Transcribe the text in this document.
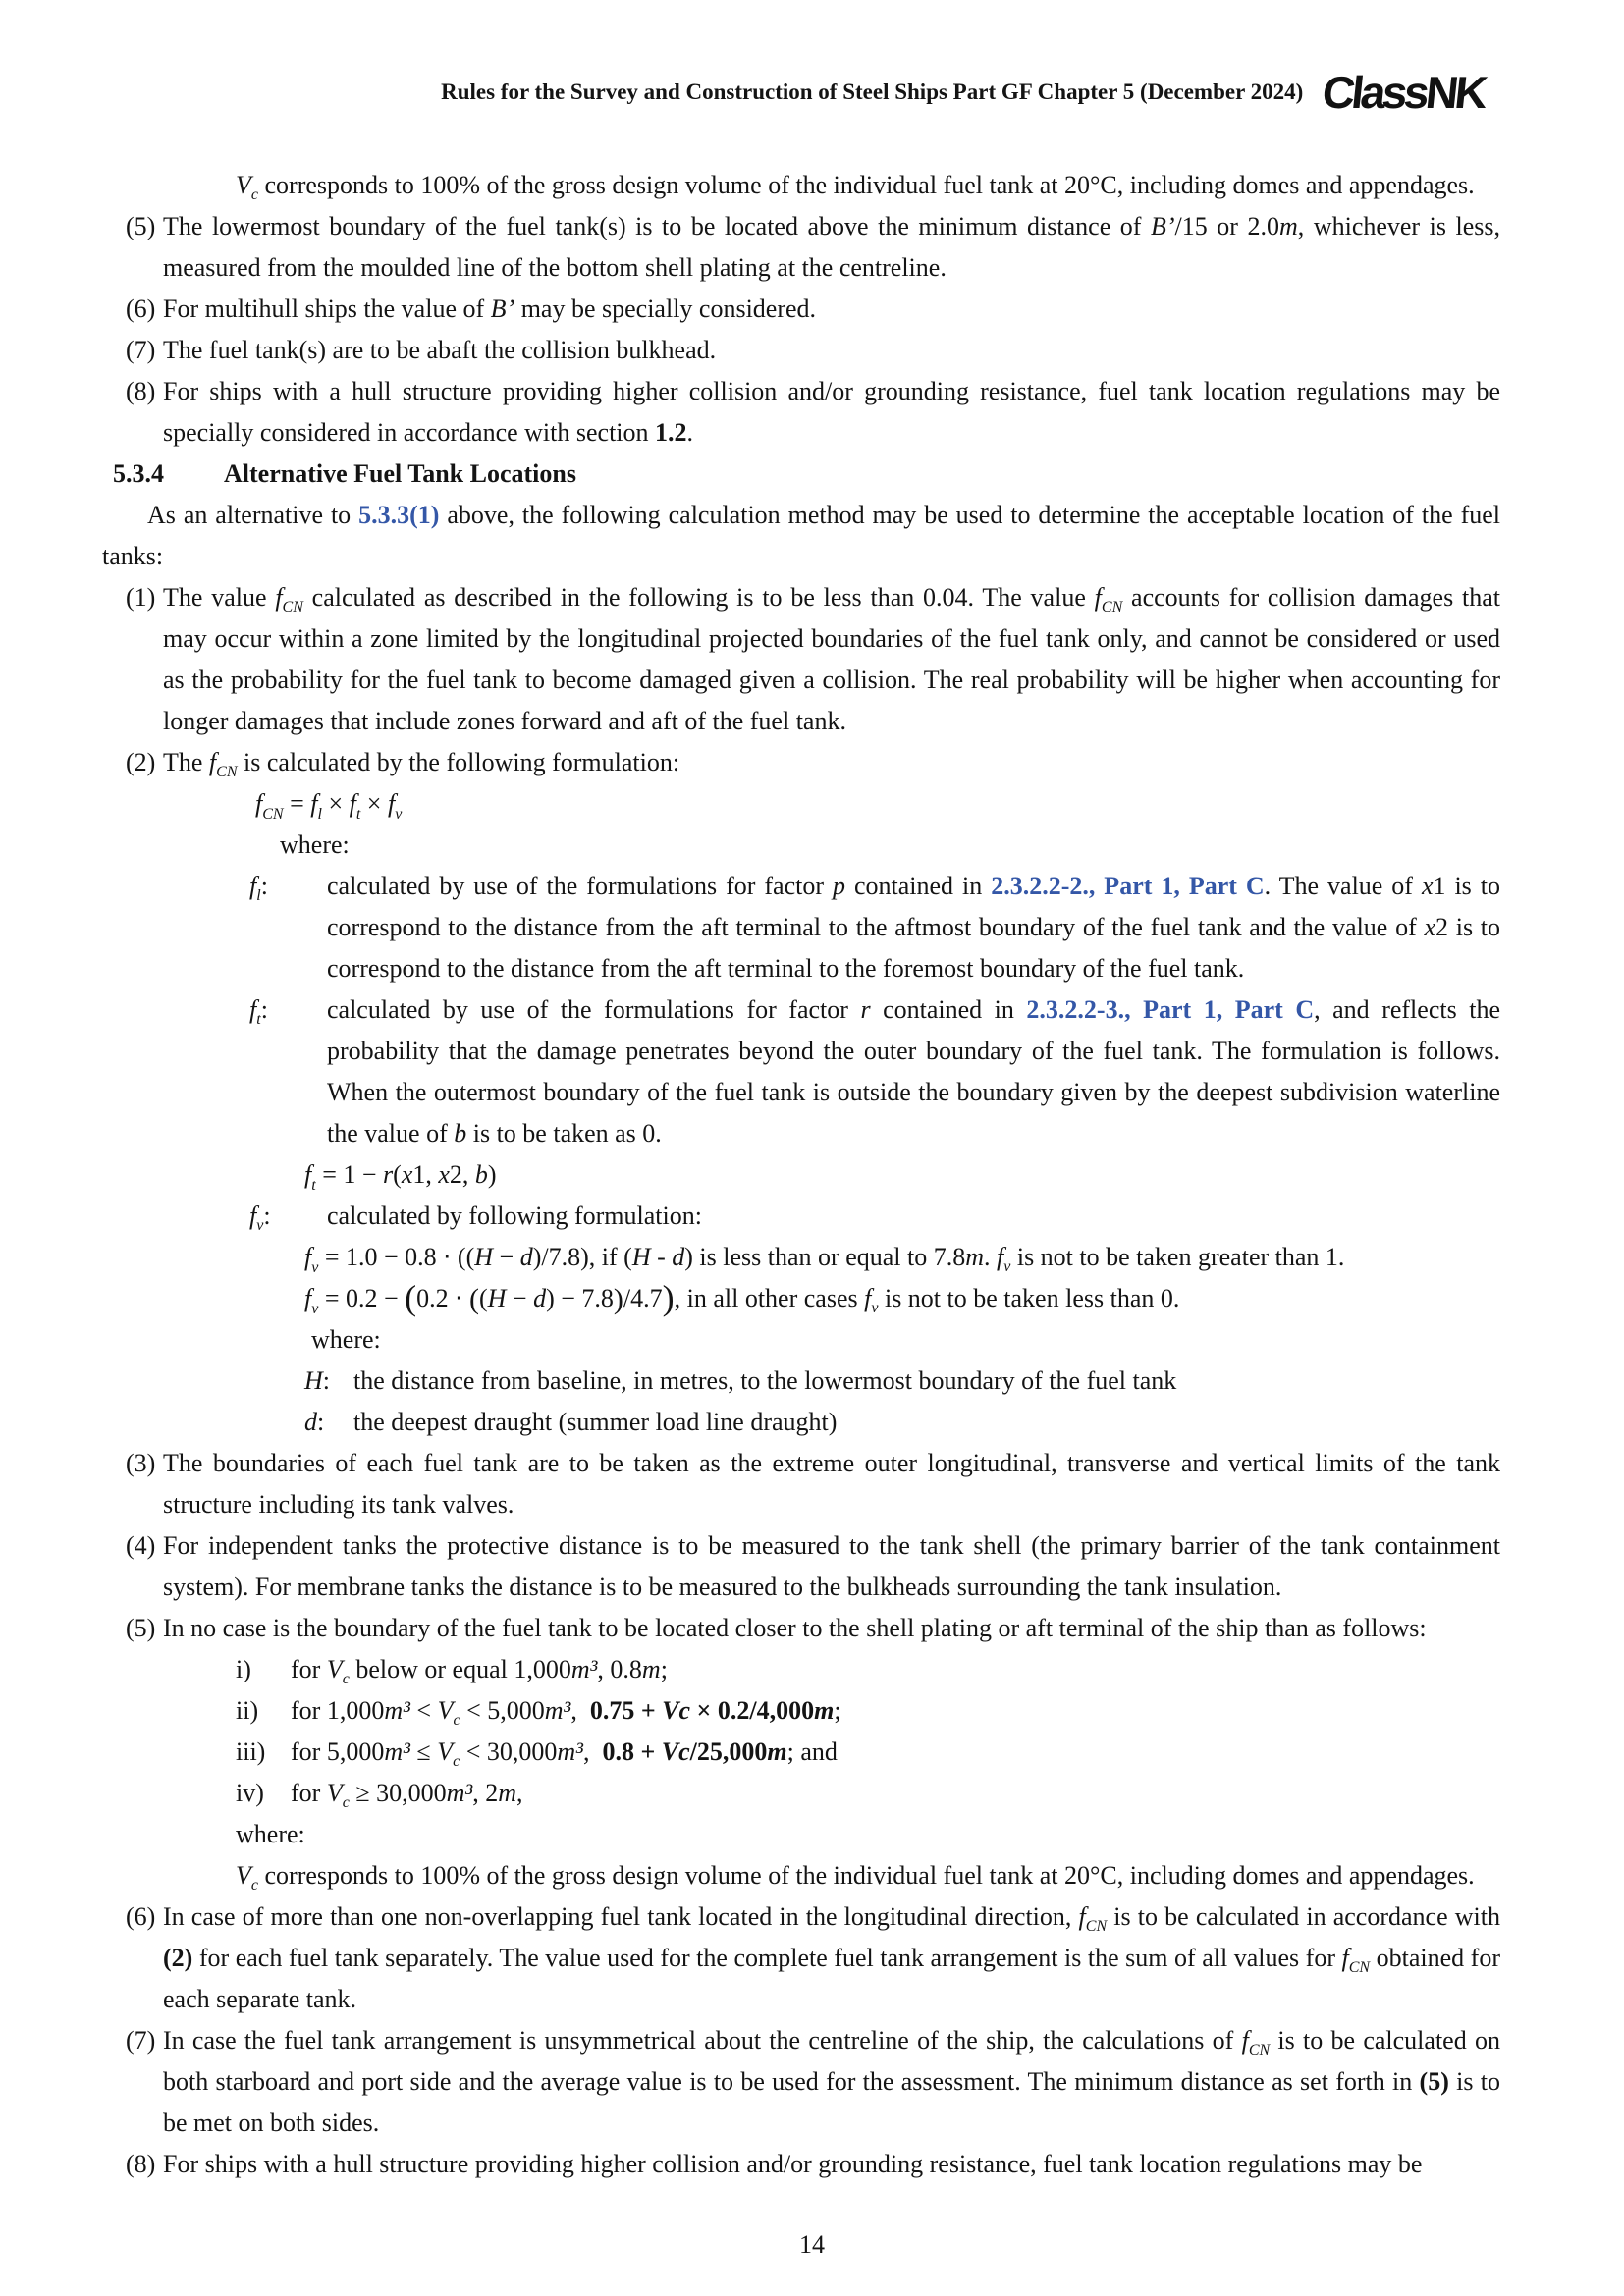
Rules for the Survey and Construction of Steel Ships Part GF Chapter 5 (December 2024) ClassNK
$V_c$ corresponds to 100% of the gross design volume of the individual fuel tank at 20°C, including domes and appendages.
(5) The lowermost boundary of the fuel tank(s) is to be located above the minimum distance of B’/15 or 2.0m, whichever is less, measured from the moulded line of the bottom shell plating at the centreline.
(6) For multihull ships the value of B’ may be specially considered.
(7) The fuel tank(s) are to be abaft the collision bulkhead.
(8) For ships with a hull structure providing higher collision and/or grounding resistance, fuel tank location regulations may be specially considered in accordance with section 1.2.
5.3.4 Alternative Fuel Tank Locations
As an alternative to 5.3.3(1) above, the following calculation method may be used to determine the acceptable location of the fuel tanks:
(1) The value $f_{CN}$ calculated as described in the following is to be less than 0.04. The value $f_{CN}$ accounts for collision damages that may occur within a zone limited by the longitudinal projected boundaries of the fuel tank only, and cannot be considered or used as the probability for the fuel tank to become damaged given a collision. The real probability will be higher when accounting for longer damages that include zones forward and aft of the fuel tank.
(2) The $f_{CN}$ is calculated by the following formulation:
$f_{CN} = f_l \times f_t \times f_v$
where:
$f_l$: calculated by use of the formulations for factor p contained in 2.3.2.2-2., Part 1, Part C. The value of x1 is to correspond to the distance from the aft terminal to the aftmost boundary of the fuel tank and the value of x2 is to correspond to the distance from the aft terminal to the foremost boundary of the fuel tank.
$f_t$: calculated by use of the formulations for factor r contained in 2.3.2.2-3., Part 1, Part C, and reflects the probability that the damage penetrates beyond the outer boundary of the fuel tank. The formulation is follows. When the outermost boundary of the fuel tank is outside the boundary given by the deepest subdivision waterline the value of b is to be taken as 0.
$f_t = 1 - r(x1$, x2, b)
$f_v$: calculated by following formulation:
$f_v = 1.0 - 0.8 \cdot ((H - d)/7.8)$, if (H - d) is less than or equal to 7.8m. $f_v$ is not to be taken greater than 1.
$f_v = 0.2 - (0.2 \cdot ((H - d) - 7.8)/4.7)$, in all other cases $f_v$ is not to be taken less than 0.
where:
H: the distance from baseline, in metres, to the lowermost boundary of the fuel tank
d: the deepest draught (summer load line draught)
(3) The boundaries of each fuel tank are to be taken as the extreme outer longitudinal, transverse and vertical limits of the tank structure including its tank valves.
(4) For independent tanks the protective distance is to be measured to the tank shell (the primary barrier of the tank containment system). For membrane tanks the distance is to be measured to the bulkheads surrounding the tank insulation.
(5) In no case is the boundary of the fuel tank to be located closer to the shell plating or aft terminal of the ship than as follows:
i) for $V_c$ below or equal 1,000m³, 0.8m;
ii) for $1,000m^3 < V_c < 5,000m^3$, 0.75 + Vc × 0.2/4,000m;
iii) for $5,000m^3 \le V_c < 30,000m^3$, 0.8 + Vc/25,000m; and
iv) for $V_c \ge 30,000m^3$, 2m,
where:
$V_c$ corresponds to 100% of the gross design volume of the individual fuel tank at 20°C, including domes and appendages.
(6) In case of more than one non-overlapping fuel tank located in the longitudinal direction, $f_{CN}$ is to be calculated in accordance with (2) for each fuel tank separately. The value used for the complete fuel tank arrangement is the sum of all values for $f_{CN}$ obtained for each separate tank.
(7) In case the fuel tank arrangement is unsymmetrical about the centreline of the ship, the calculations of $f_{CN}$ is to be calculated on both starboard and port side and the average value is to be used for the assessment. The minimum distance as set forth in (5) is to be met on both sides.
(8) For ships with a hull structure providing higher collision and/or grounding resistance, fuel tank location regulations may be
14
